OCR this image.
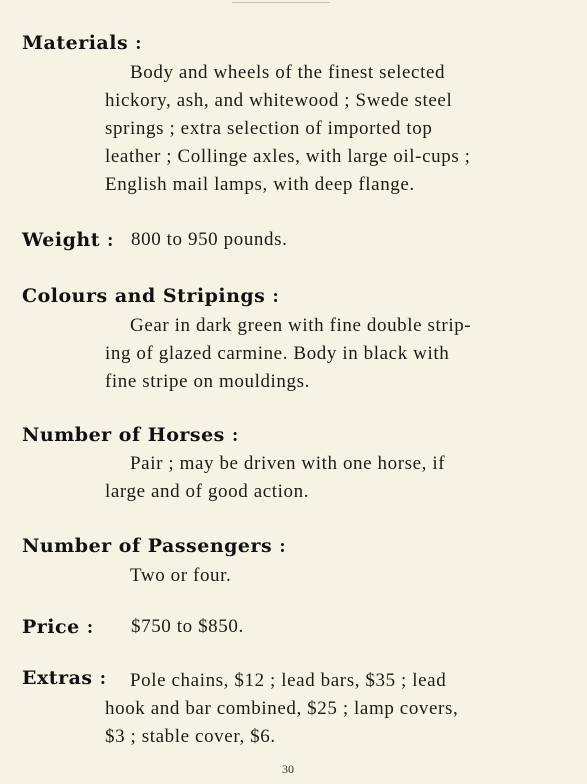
Materials :
Body and wheels of the finest selected
hickory, ash, and whitewood ; Swede steel
springs ; extra selection of imported top
leather ; Collinge axles, with large oil-cups ;
English mail lamps, with deep flange.
Weight : 800 to 950 pounds.
Colours and Stripings :
Gear in dark green with fine double strip-
ing of glazed carmine. Body in black with
fine stripe on mouldings.
Number of Horses :
Pair ; may be driven with one horse, if
large and of good action.
Number of Passengers :
Two or four.
Price : $750 to $850.
Extras :	Pole chains, $12 ; lead bars, $35 ; lead
hook and bar combined, $25 ; lamp covers,
$3 ; stable cover, $6.
30
